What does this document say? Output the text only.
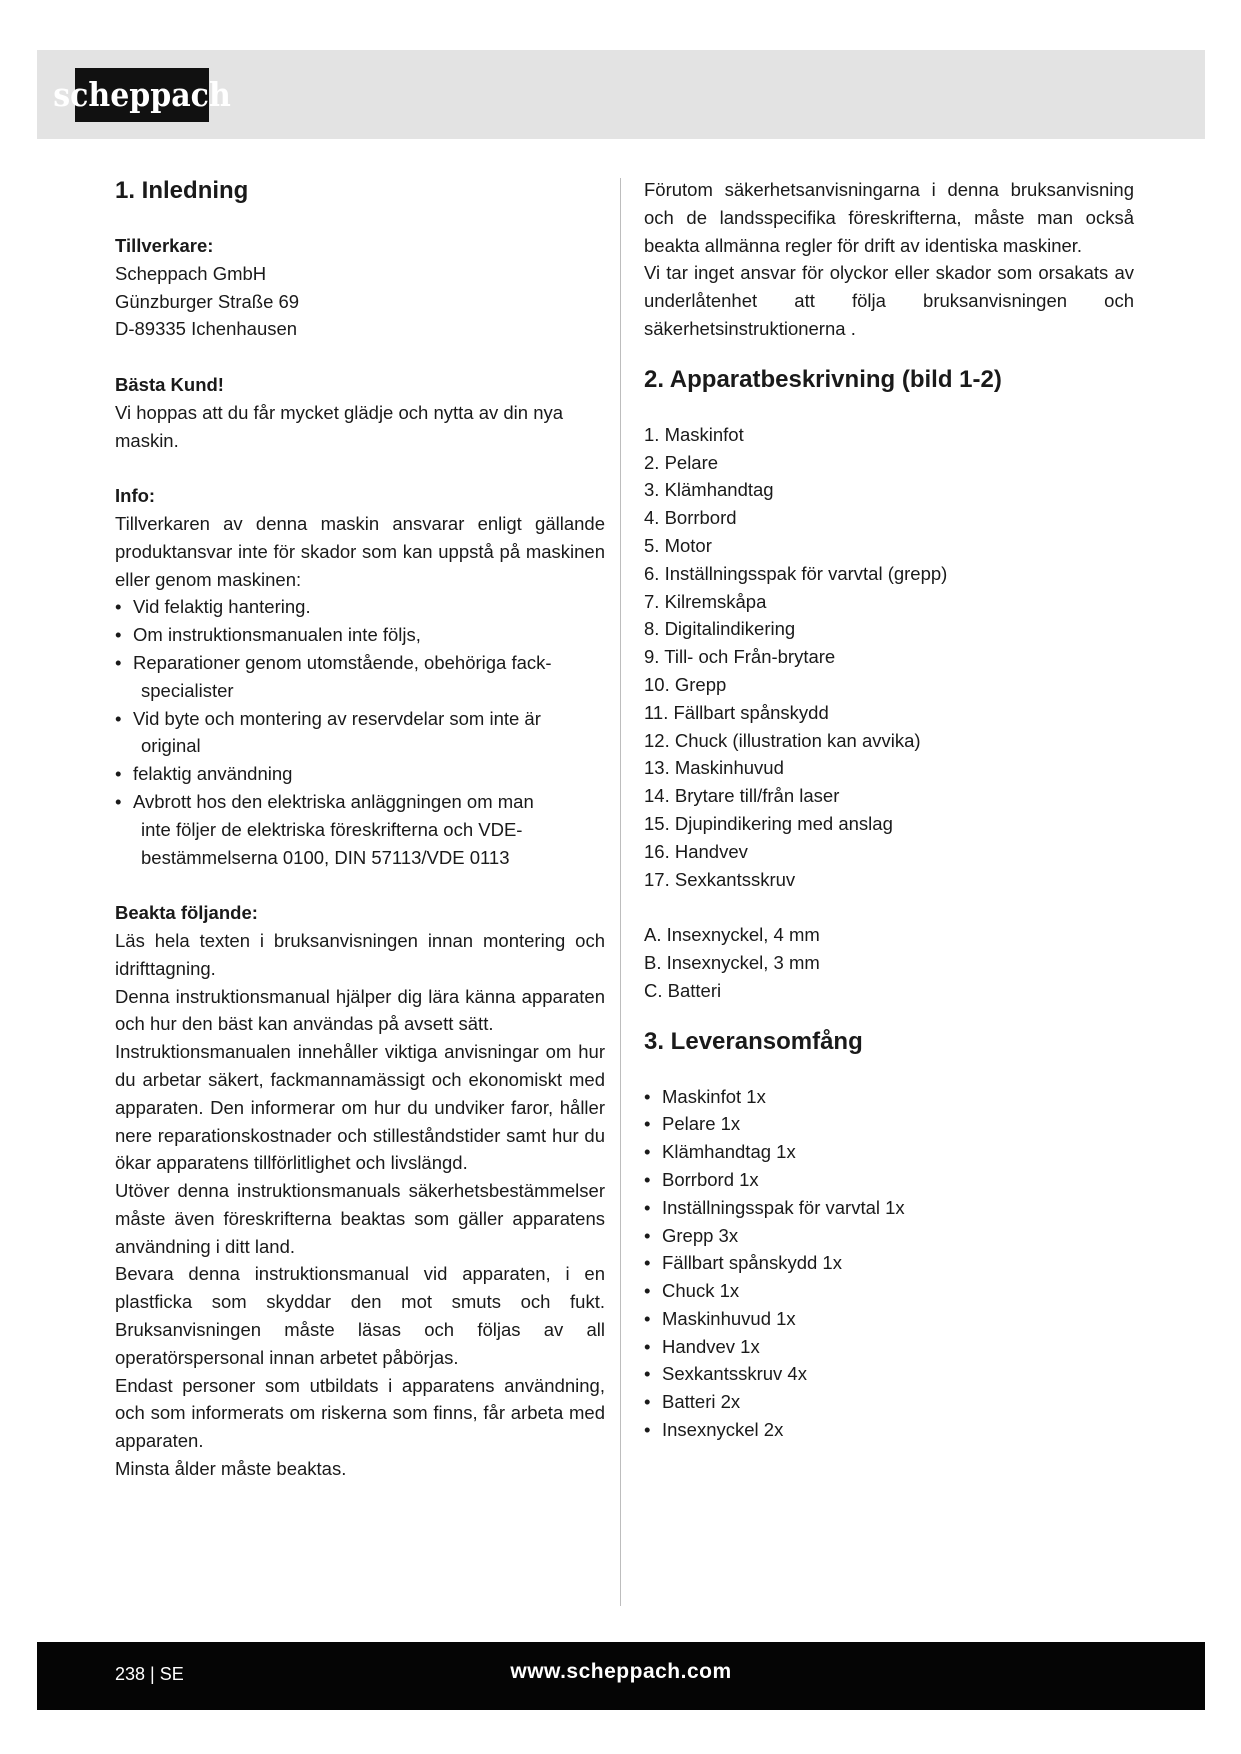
scheppach
1. Inledning
Tillverkare:
Scheppach GmbH
Günzburger Straße 69
D-89335 Ichenhausen
Bästa Kund!

Vi hoppas att du får mycket glädje och nytta av din nya maskin.

Info:

Tillverkaren av denna maskin ansvarar enligt gällande produktansvar inte för skador som kan uppstå på maskinen eller genom maskinen:

• Vid felaktig hantering.
• Om instruktionsmanualen inte följs,
• Reparationer genom utomstående, obehöriga fack-
specialister
• Vid byte och montering av reservdelar som inte är
original
• felaktig användning
• Avbrott hos den elektriska anläggningen om man
inte följer de elektriska föreskrifterna och VDE-bestämmelserna 0100, DIN 57113/VDE 0113
Beakta följande:

Läs hela texten i bruksanvisningen innan montering och idrifttagning.

Denna instruktionsmanual hjälper dig lära känna apparaten och hur den bäst kan användas på avsett sätt.

Instruktionsmanualen innehåller viktiga anvisningar om hur du arbetar säkert, fackmannamässigt och ekonomiskt med apparaten. Den informerar om hur du undviker faror, håller nere reparationskostnader och stilleståndstider samt hur du ökar apparatens tillförlitlighet och livslängd.

Utöver denna instruktionsmanuals säkerhetsbestämmelser måste även föreskrifterna beaktas som gäller apparatens användning i ditt land.

Bevara denna instruktionsmanual vid apparaten, i en plastficka som skyddar den mot smuts och fukt. Bruksanvisningen måste läsas och följas av all operatörspersonal innan arbetet påbörjas.

Endast personer som utbildats i apparatens användning, och som informerats om riskerna som finns, får arbeta med apparaten.

Minsta ålder måste beaktas.

Förutom säkerhetsanvisningarna i denna bruksanvisning och de landsspecifika föreskrifterna, måste man också beakta allmänna regler för drift av identiska maskiner.

Vi tar inget ansvar för olyckor eller skador som orsakats av underlåtenhet att följa bruksanvisningen och säkerhetsinstruktionerna .

2. Apparatbeskrivning (bild 1-2)
1. Maskinfot
2. Pelare
3. Klämhandtag
4. Borrbord
5. Motor
6. Inställningsspak för varvtal (grepp)
7. Kilremskåpa
8. Digitalindikering
9. Till- och Från-brytare
10. Grepp
11. Fällbart spånskydd
12. Chuck (illustration kan avvika)
13. Maskinhuvud
14. Brytare till/från laser
15. Djupindikering med anslag
16. Handvev
17. Sexkantsskruv
A. Insexnyckel, 4 mm
B. Insexnyckel, 3 mm
C. Batteri
3. Leveransomfång
• Maskinfot 1x
• Pelare 1x
• Klämhandtag 1x
• Borrbord 1x
• Inställningsspak för varvtal 1x
• Grepp 3x
• Fällbart spånskydd 1x
• Chuck 1x
• Maskinhuvud 1x
• Handvev 1x
• Sexkantsskruv 4x
• Batteri 2x
• Insexnyckel 2x
238 | SE	www.scheppach.com
